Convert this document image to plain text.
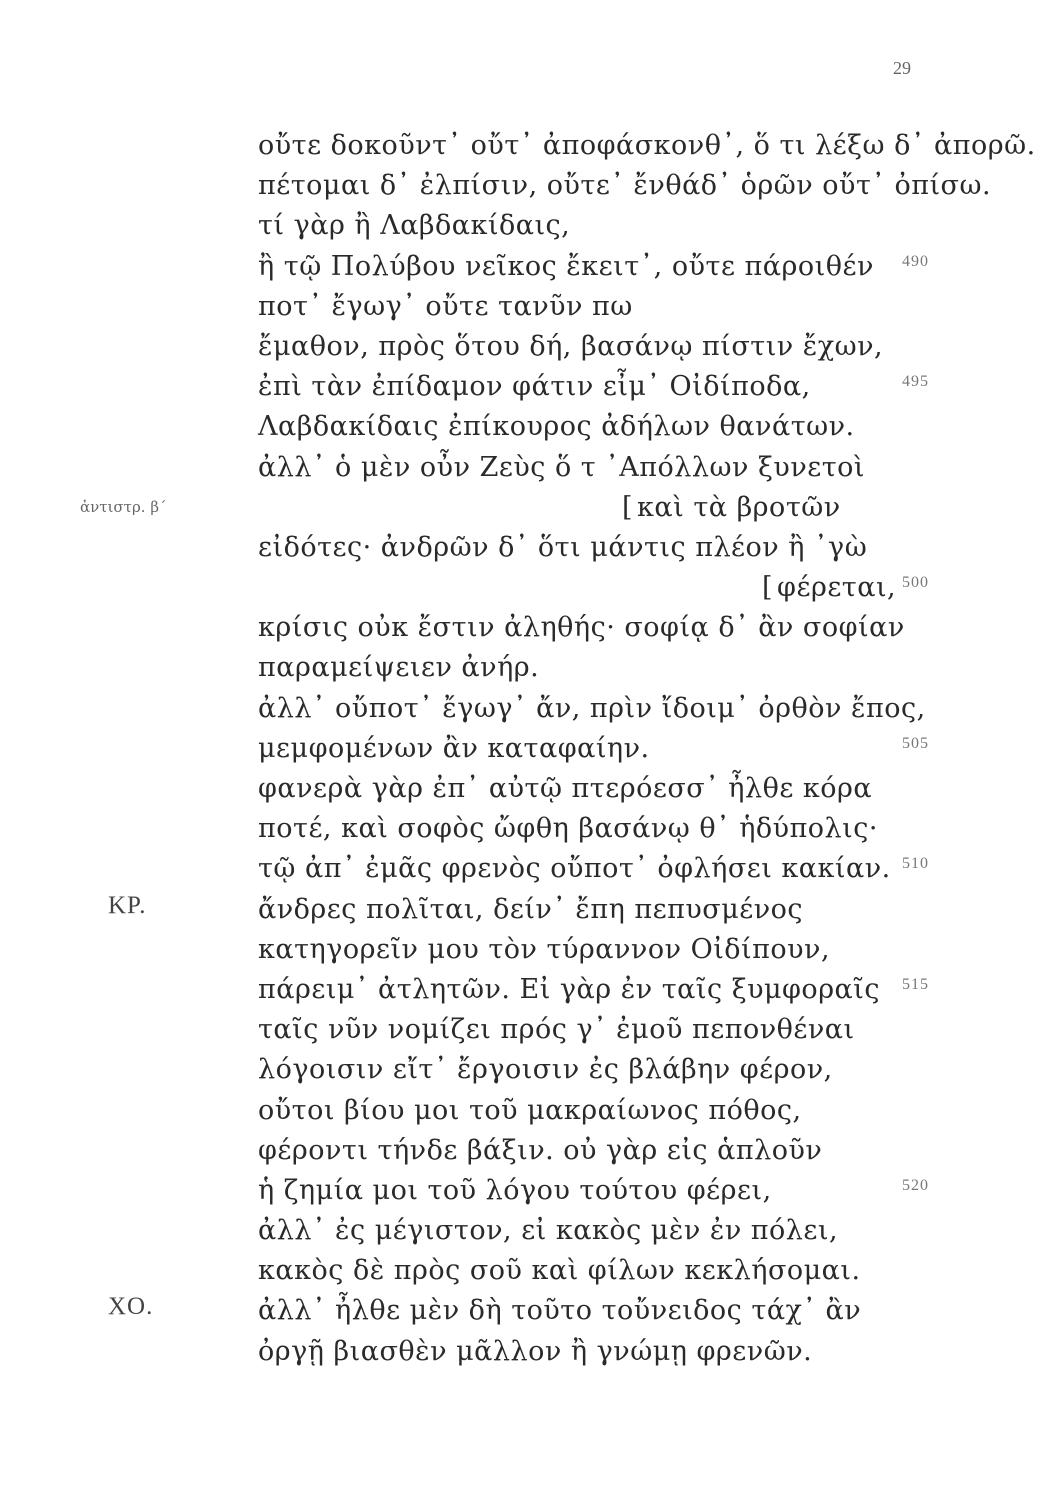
29
οὔτε δοκοῦντ᾽ οὔτ᾽ ἀποφάσκονθ᾽, ὅ τι λέξω δ᾽ ἀπορῶ.
πέτομαι δ᾽ ἐλπίσιν, οὔτε᾽ ἔνθάδ᾽ ὁρῶν οὔτ᾽ ὀπίσω.
τί γὰρ ἢ Λαβδακίδαις,
ἢ τῷ Πολύβου νεῖκος ἔκειτ᾽, οὔτε πάροιθέν 490
ποτ᾽ ἔγωγ᾽ οὔτε τανῦν πω
ἔμαθον, πρὸς ὅτου δή, βασάνῳ πίστιν ἔχων,
ἐπὶ τὰν ἐπίδαμον φάτιν εἶμ᾽ Οἰδίποδα,	495
Λαβδακίδαις ἐπίκουρος ἀδήλων θανάτων.
ἀλλ᾽ ὁ μὲν οὖν Ζεὺς ὅ τ ᾽Απόλλων ξυνετοὶ
ἀντιστρ. β´	[ καὶ τὰ βροτῶν
εἰδότες· ἀνδρῶν δ᾽ ὅτι μάντις πλέον ἢ ᾽γὼ
[ φέρεται, 500
κρίσις οὐκ ἔστιν ἀληθής· σοφίᾳ δ᾽ ἂν σοφίαν
παραμείψειεν ἀνήρ.
ἀλλ᾽ οὔποτ᾽ ἔγωγ᾽ ἄν, πρὶν ἴδοιμ᾽ ὀρθὸν ἔπος,
μεμφομένων ἂν καταφαίην.	505
φανερὰ γὰρ ἐπ᾽ αὐτῷ πτερόεσσ᾽ ἦλθε κόρα
ποτέ, καὶ σοφὸς ὤφθη βασάνῳ θ᾽ ἡδύπολις·
τῷ ἀπ᾽ ἐμᾶς φρενὸς οὔποτ᾽ ὀφλήσει κακίαν. 510
ΚΡ.	ἄνδρες πολῖται, δείν᾽ ἔπη πεπυσμένος
κατηγορεῖν μου τὸν τύραννον Οἰδίπουν,
πάρειμ᾽ ἀτλητῶν. Εἰ γὰρ ἐν ταῖς ξυμφοραῖς 515
ταῖς νῦν νομίζει πρός γ᾽ ἐμοῦ πεπονθέναι
λόγοισιν εἴτ᾽ ἔργοισιν ἐς βλάβην φέρον,
οὔτοι βίου μοι τοῦ μακραίωνος πόθος,
φέροντι τήνδε βάξιν. οὐ γὰρ εἰς ἁπλοῦν
ἡ ζημία μοι τοῦ λόγου τούτου φέρει,	520
ἀλλ᾽ ἐς μέγιστον, εἰ κακὸς μὲν ἐν πόλει,
κακὸς δὲ πρὸς σοῦ καὶ φίλων κεκλήσομαι.
ΧΟ.	ἀλλ᾽ ἦλθε μὲν δὴ τοῦτο τοὔνειδος τάχ᾽ ἂν
ὀργῇ βιασθὲν μᾶλλον ἢ γνώμῃ φρενῶν.
